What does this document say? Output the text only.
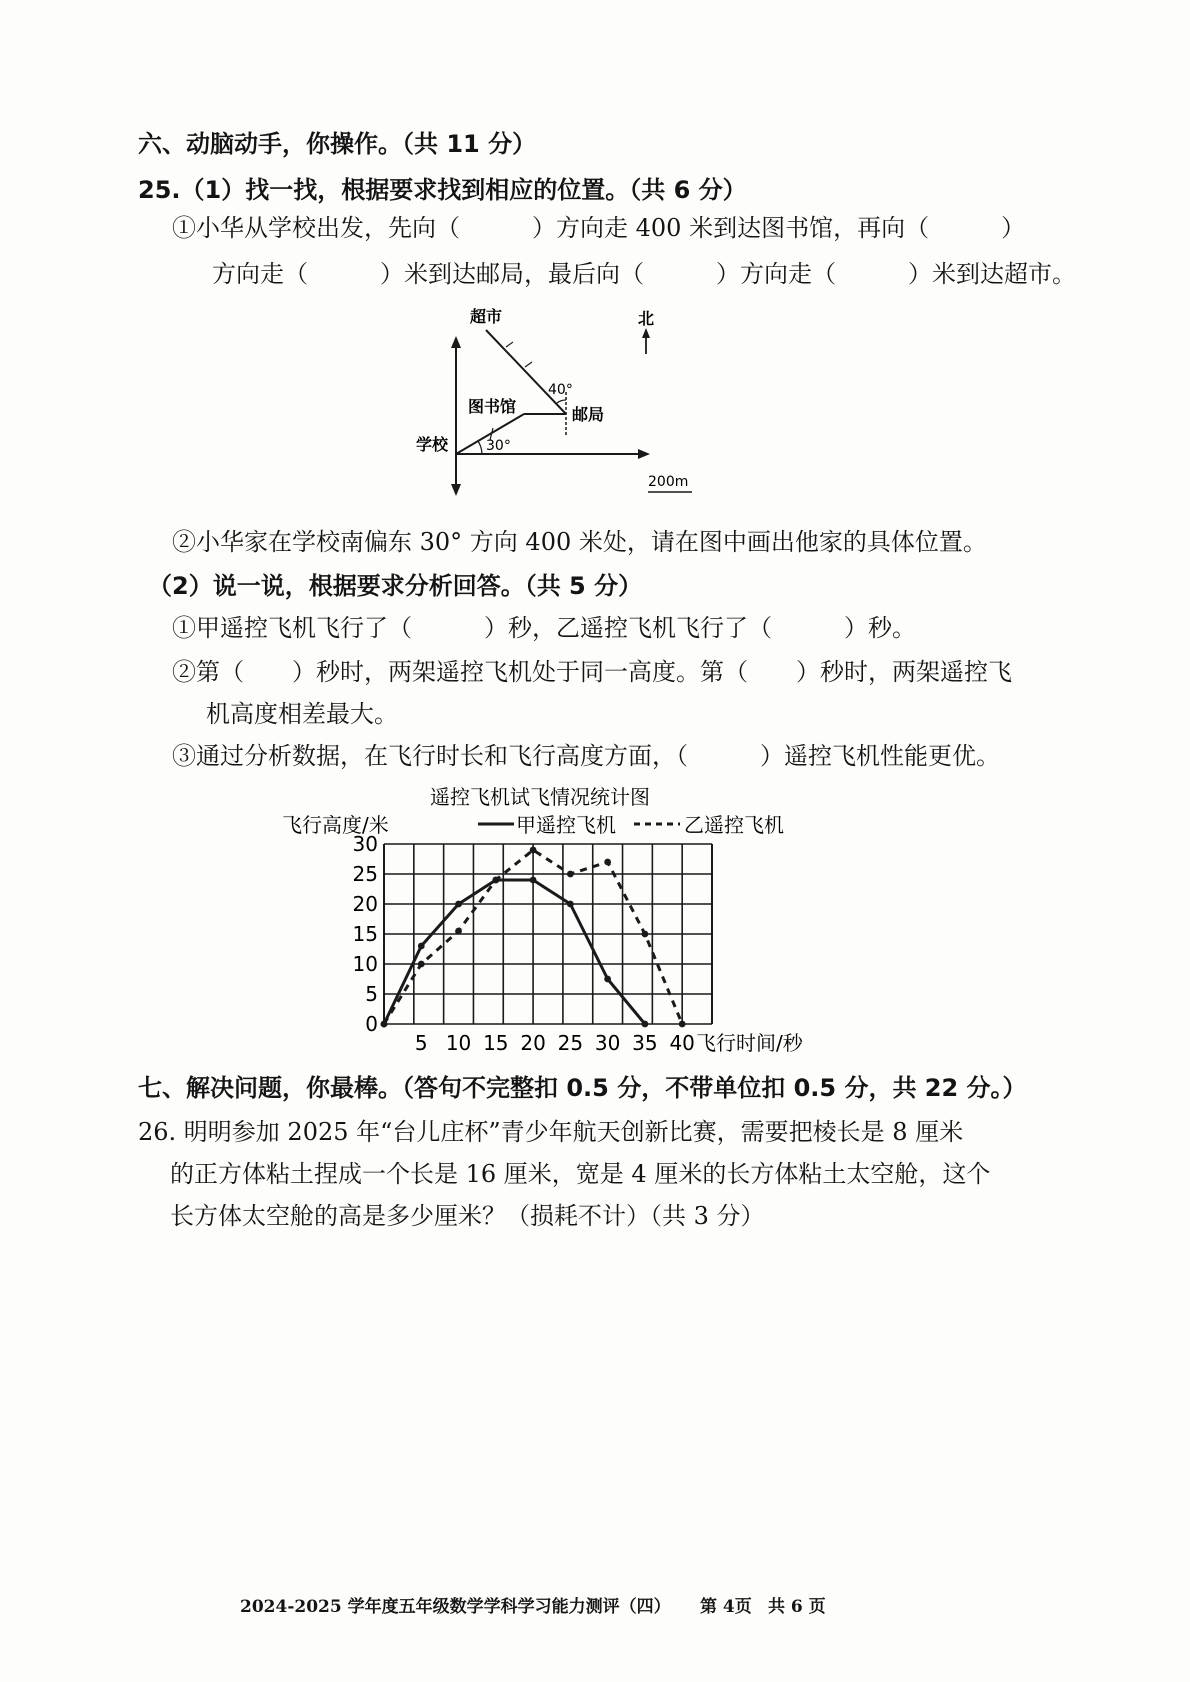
六、动脑动手，你操作。（共 11 分）
25.（1）找一找，根据要求找到相应的位置。（共 6 分）
①小华从学校出发，先向（　　　）方向走 400 米到达图书馆，再向（　　　）
方向走（　　　）米到达邮局，最后向（　　　）方向走（　　　）米到达超市。
超市
40°
图书馆	邮局
学校	30°
北
200m
②小华家在学校南偏东 30° 方向 400 米处，请在图中画出他家的具体位置。
（2）说一说，根据要求分析回答。（共 5 分）
①甲遥控飞机飞行了（　　　）秒，乙遥控飞机飞行了（　　　）秒。
②第（　　）秒时，两架遥控飞机处于同一高度。第（　　）秒时，两架遥控飞
机高度相差最大。
③通过分析数据，在飞行时长和飞行高度方面，（　　　）遥控飞机性能更优。
遥控飞机试飞情况统计图
飞行高度/米	甲遥控飞机	乙遥控飞机
0
5
10
15
20
25
30
5 10 15 20 25 30 35 40 飞行时间/秒
七、解决问题，你最棒。（答句不完整扣 0.5 分，不带单位扣 0.5 分，共 22 分。）
26. 明明参加 2025 年“台儿庄杯”青少年航天创新比赛，需要把棱长是 8 厘米
的正方体粘土捏成一个长是 16 厘米，宽是 4 厘米的长方体粘土太空舱，这个
长方体太空舱的高是多少厘米？（损耗不计）（共 3 分）
2024-2025 学年度五年级数学学科学习能力测评（四） 第 4页 共 6 页
